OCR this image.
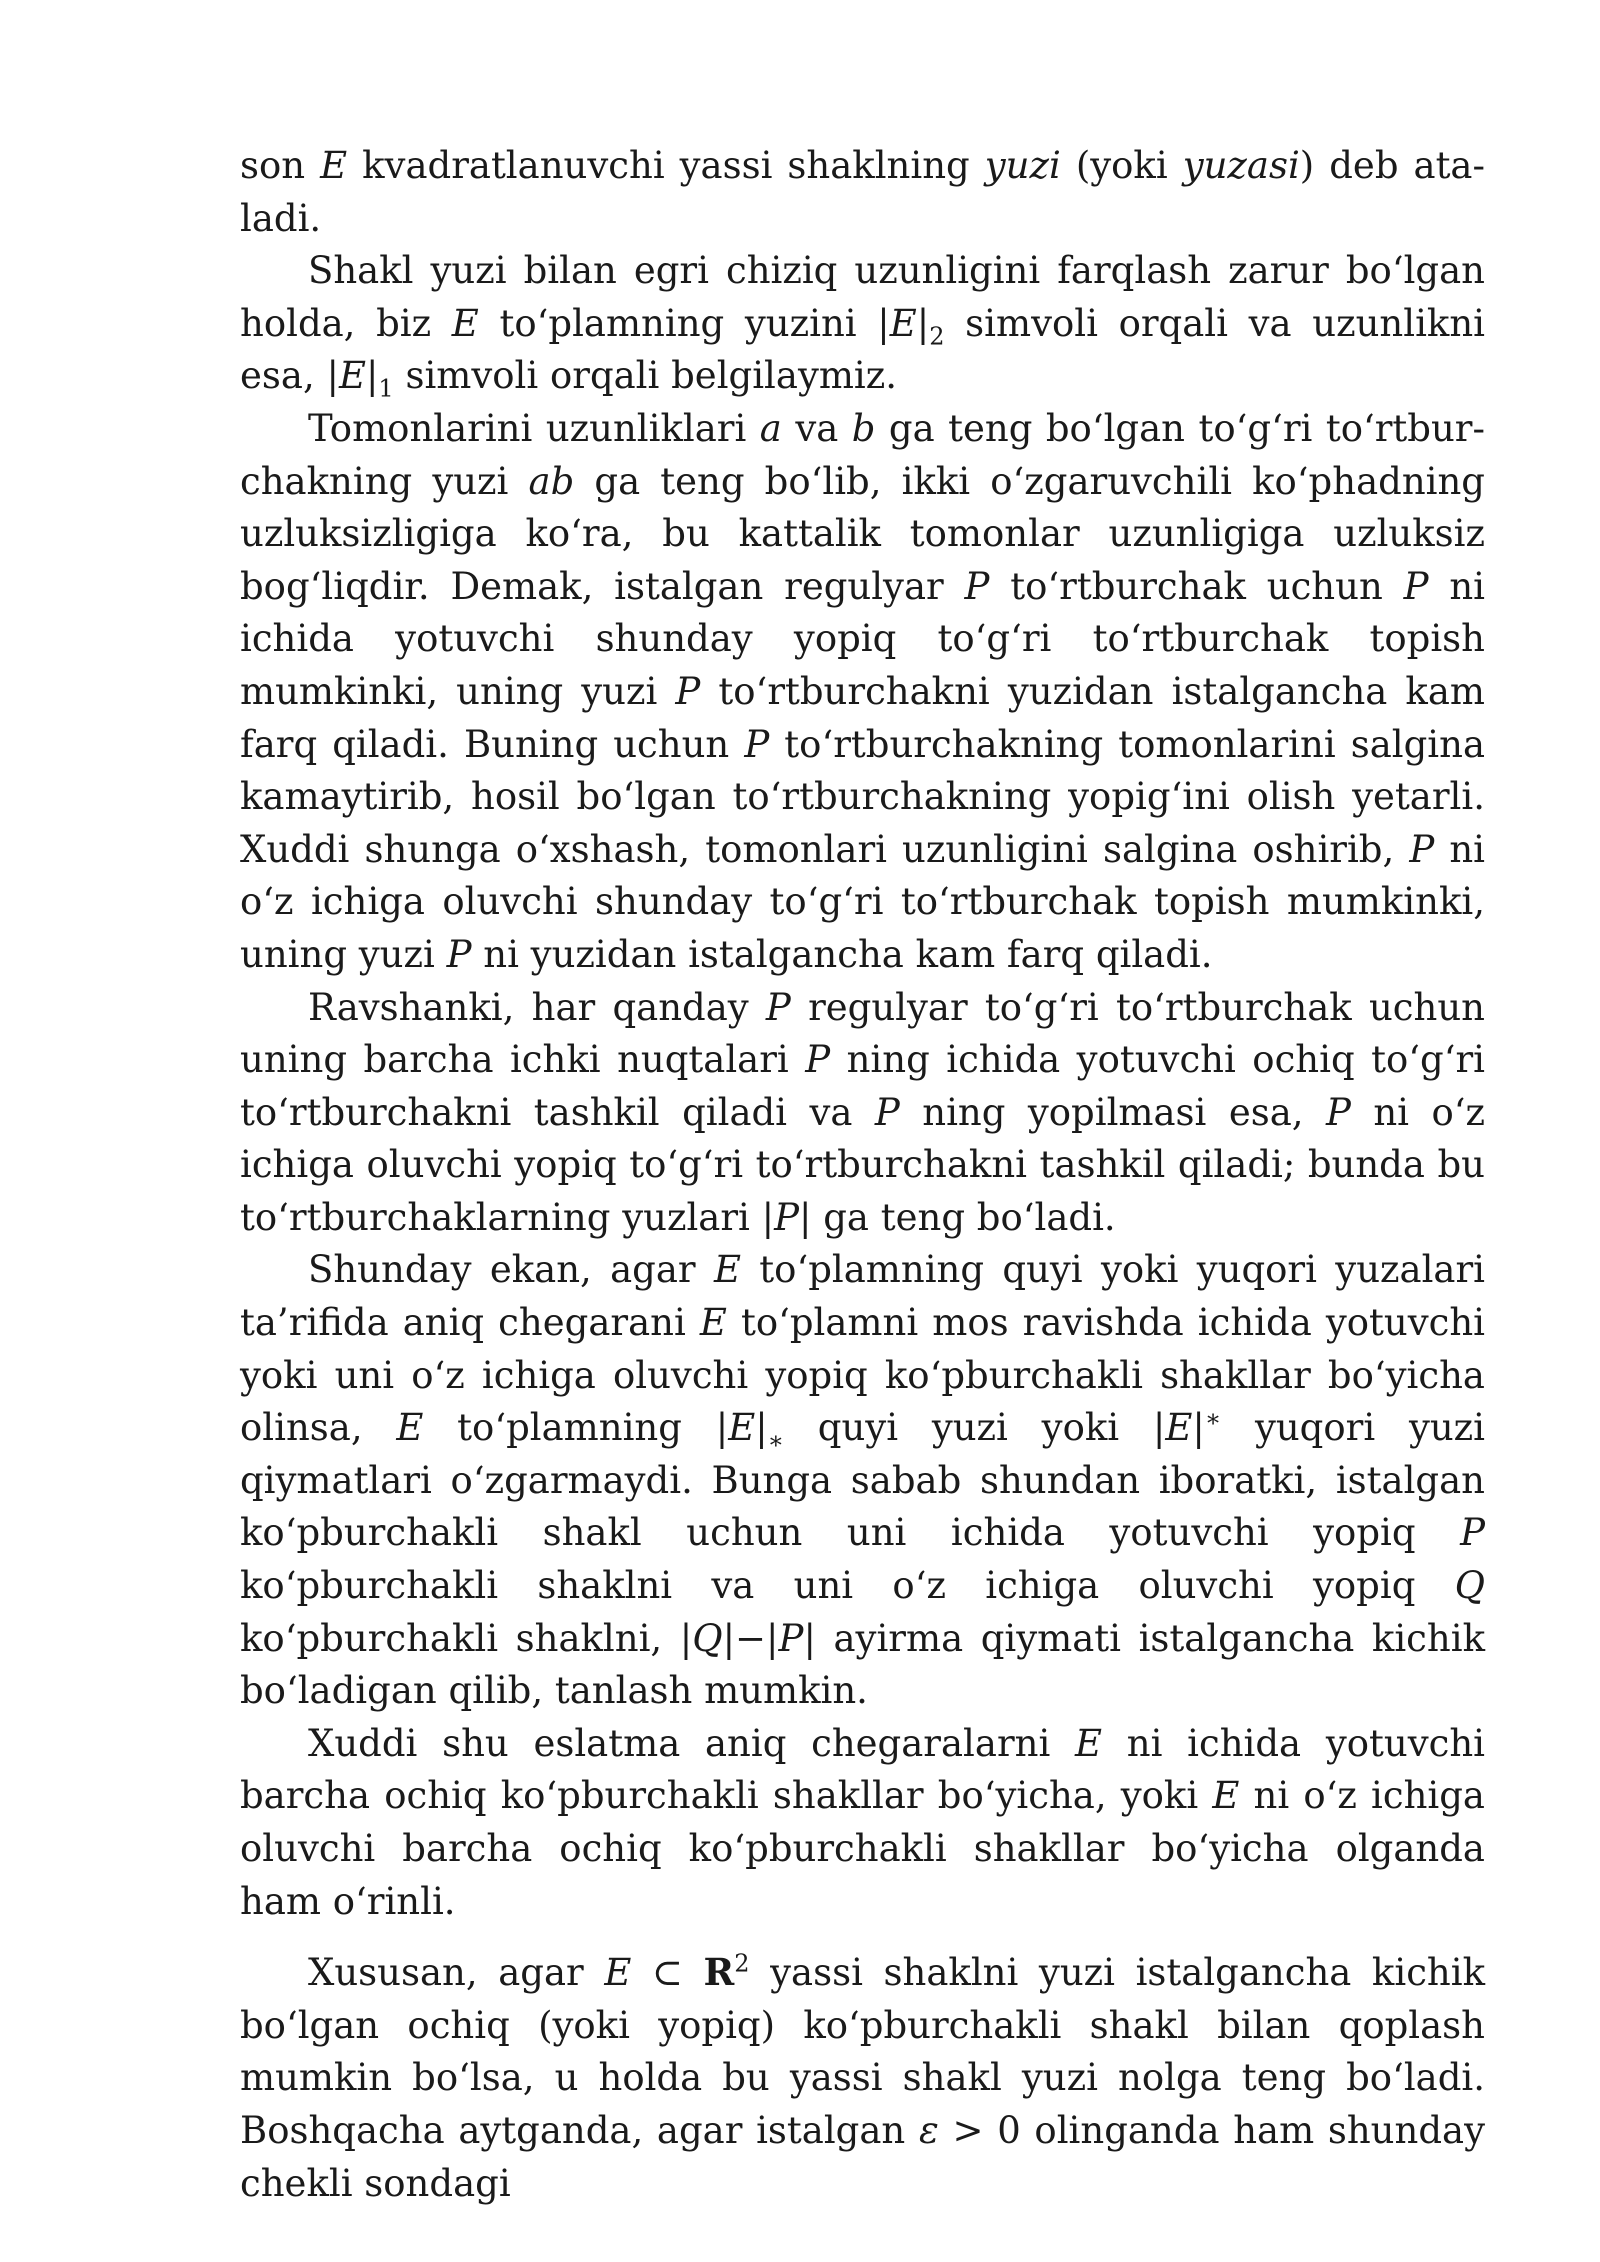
son E kvadratlanuvchi yassi shaklning yuzi (yoki yuzasi) deb ataladi.

Shakl yuzi bilan egri chiziq uzunligini farqlash zarur bo‘lgan holda, biz E to‘plamning yuzini $|E|_2$ simvoli orqali va uzunlikni esa, $|E|_1$ simvoli orqali belgilaymiz.

Tomonlarini uzunliklari a va b ga teng bo‘lgan to‘g‘ri to‘rtburchakning yuzi ab ga teng bo‘lib, ikki o‘zgaruvchili ko‘phadning uzluksizligiga ko‘ra, bu kattalik tomonlar uzunligiga uzluksiz bog‘liqdir. Demak, istalgan regulyar P to‘rtburchak uchun P ni ichida yotuvchi shunday yopiq to‘g‘ri to‘rtburchak topish mumkinki, uning yuzi P to‘rtburchakni yuzidan istalgancha kam farq qiladi. Buning uchun P to‘rtburchakning tomonlarini salgina kamaytirib, hosil bo‘lgan to‘rtburchakning yopig‘ini olish yetarli. Xuddi shunga o‘xshash, tomonlari uzunligini salgina oshirib, P ni o‘z ichiga oluvchi shunday to‘g‘ri to‘rtburchak topish mumkinki, uning yuzi P ni yuzidan istalgancha kam farq qiladi.

Ravshanki, har qanday P regulyar to‘g‘ri to‘rtburchak uchun uning barcha ichki nuqtalari P ning ichida yotuvchi ochiq to‘g‘ri to‘rtburchakni tashkil qiladi va P ning yopilmasi esa, P ni o‘z ichiga oluvchi yopiq to‘g‘ri to‘rtburchakni tashkil qiladi; bunda bu to‘rtburchaklarning yuzlari |P| ga teng bo‘ladi.

Shunday ekan, agar E to‘plamning quyi yoki yuqori yuzalari ta’rifida aniq chegarani E to‘plamni mos ravishda ichida yotuvchi yoki uni o‘z ichiga oluvchi yopiq ko‘pburchakli shakllar bo‘yicha olinsa, E to‘plamning $|E|_∗$ quyi yuzi yoki |E|∗ yuqori yuzi qiymatlari o‘zgarmaydi. Bunga sabab shundan iboratki, istalgan ko‘pburchakli shakl uchun uni ichida yotuvchi yopiq P ko‘pburchakli shaklni va uni o‘z ichiga oluvchi yopiq Q ko‘pburchakli shaklni, |Q|−|P| ayirma qiymati istalgancha kichik bo‘ladigan qilib, tanlash mumkin.

Xuddi shu eslatma aniq chegaralarni E ni ichida yotuvchi barcha ochiq ko‘pburchakli shakllar bo‘yicha, yoki E ni o‘z ichiga oluvchi barcha ochiq ko‘pburchakli shakllar bo‘yicha olganda ham o‘rinli.

Xususan, agar E ⊂ $R^2$ yassi shaklni yuzi istalgancha kichik bo‘lgan ochiq (yoki yopiq) ko‘pburchakli shakl bilan qoplash mumkin bo‘lsa, u holda bu yassi shakl yuzi nolga teng bo‘ladi. Boshqacha aytganda, agar istalgan ε > 0 olinganda ham shunday chekli sondagi
